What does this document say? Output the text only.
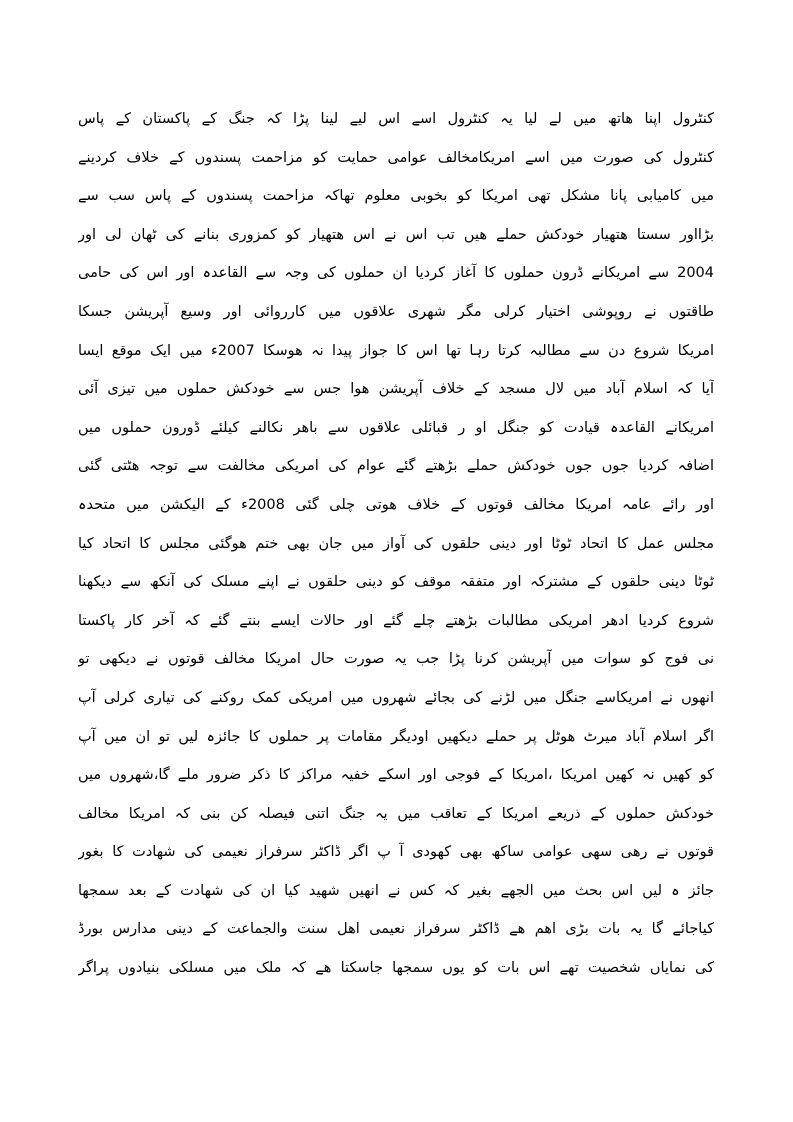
کنٹرول اپنا ھاتھ میں لے لیا یہ کنٹرول اسے اس لیے لینا پڑا کہ جنگ کے پاکستان کے پاس
کنٹرول کی صورت میں اسے امریکامخالف عوامی حمایت کو مزاحمت پسندوں کے خلاف کردینے
میں کامیابی پانا مشکل تھی امریکا کو بخوبی معلوم تھاکہ مزاحمت پسندوں کے پاس سب سے
بڑااور سستا ھتھیار خودکش حملے ھیں تب اس نے اس ھتھیار کو کمزوری بنانے کی ٹھان لی اور
2004 سے امریکانے ڈرون حملوں کا آغاز کردیا ان حملوں کی وجہ سے القاعدہ اور اس کی حامی
طاقتوں نے روپوشی اختیار کرلی مگر شھری علاقوں میں کارروائی اور وسیع آپریشن جسکا
امریکا شروع دن سے مطالبہ کرتا رہا تھا اس کا جواز پیدا نہ ھوسکا 2007ء میں ایک موقع ایسا
آیا کہ اسلام آباد میں لال مسجد کے خلاف آپریشن ھوا جس سے خودکش حملوں میں تیزی آئی
امریکانے القاعدہ قیادت کو جنگل او ر قبائلی علاقوں سے باھر نکالنے کیلئے ڈورون حملوں میں
اضافہ کردیا جوں جوں خودکش حملے بڑھتے گئے عوام کی امریکی مخالفت سے توجہ ھٹتی گئی
اور رائے عامہ امریکا مخالف قوتوں کے خلاف ھوتی چلی گئی 2008ء کے الیکشن میں متحدہ
مجلس عمل کا اتحاد ٹوٹا اور دینی حلقوں کی آواز میں جان بھی ختم ھوگئی مجلس کا اتحاد کیا
ٹوٹا دینی حلقوں کے مشترکہ اور متفقہ موقف کو دینی حلقوں نے اپنے مسلک کی آنکھ سے دیکھنا
شروع کردیا ادھر امریکی مطالبات بڑھتے چلے گئے اور حالات ایسے بنتے گئے کہ آخر کار پاکستا
نی فوج کو سوات میں آپریشن کرنا پڑا جب یہ صورت حال امریکا مخالف قوتوں نے دیکھی تو
انھوں نے امریکاسے جنگل میں لڑنے کی بجائے شھروں میں امریکی کمک روکنے کی تیاری کرلی آپ
اگر اسلام آباد میرٹ ھوٹل پر حملے دیکھیں اودیگر مقامات پر حملوں کا جائزہ لیں تو ان میں آپ
کو کھیں نہ کھیں امریکا ،امریکا کے فوجی اور اسکے خفیہ مراکز کا ذکر ضرور ملے گا،شھروں میں
خودکش حملوں کے ذریعے امریکا کے تعاقب میں یہ جنگ اتنی فیصلہ کن بنی کہ امریکا مخالف
قوتوں نے رھی سھی عوامی ساکھ بھی کھودی آ پ اگر ڈاکٹر سرفراز نعیمی کی شھادت کا بغور
جائز ہ لیں اس بحث میں الجھے بغیر کہ کس نے انھیں شھید کیا ان کی شھادت کے بعد سمجھا
کیاجائے گا یہ بات بڑی اھم ھے ڈاکٹر سرفراز نعیمی اھل سنت والجماعت کے دینی مدارس بورڈ
کی نمایاں شخصیت تھے اس بات کو یوں سمجھا جاسکتا ھے کہ ملک میں مسلکی بنیادوں پراگر
